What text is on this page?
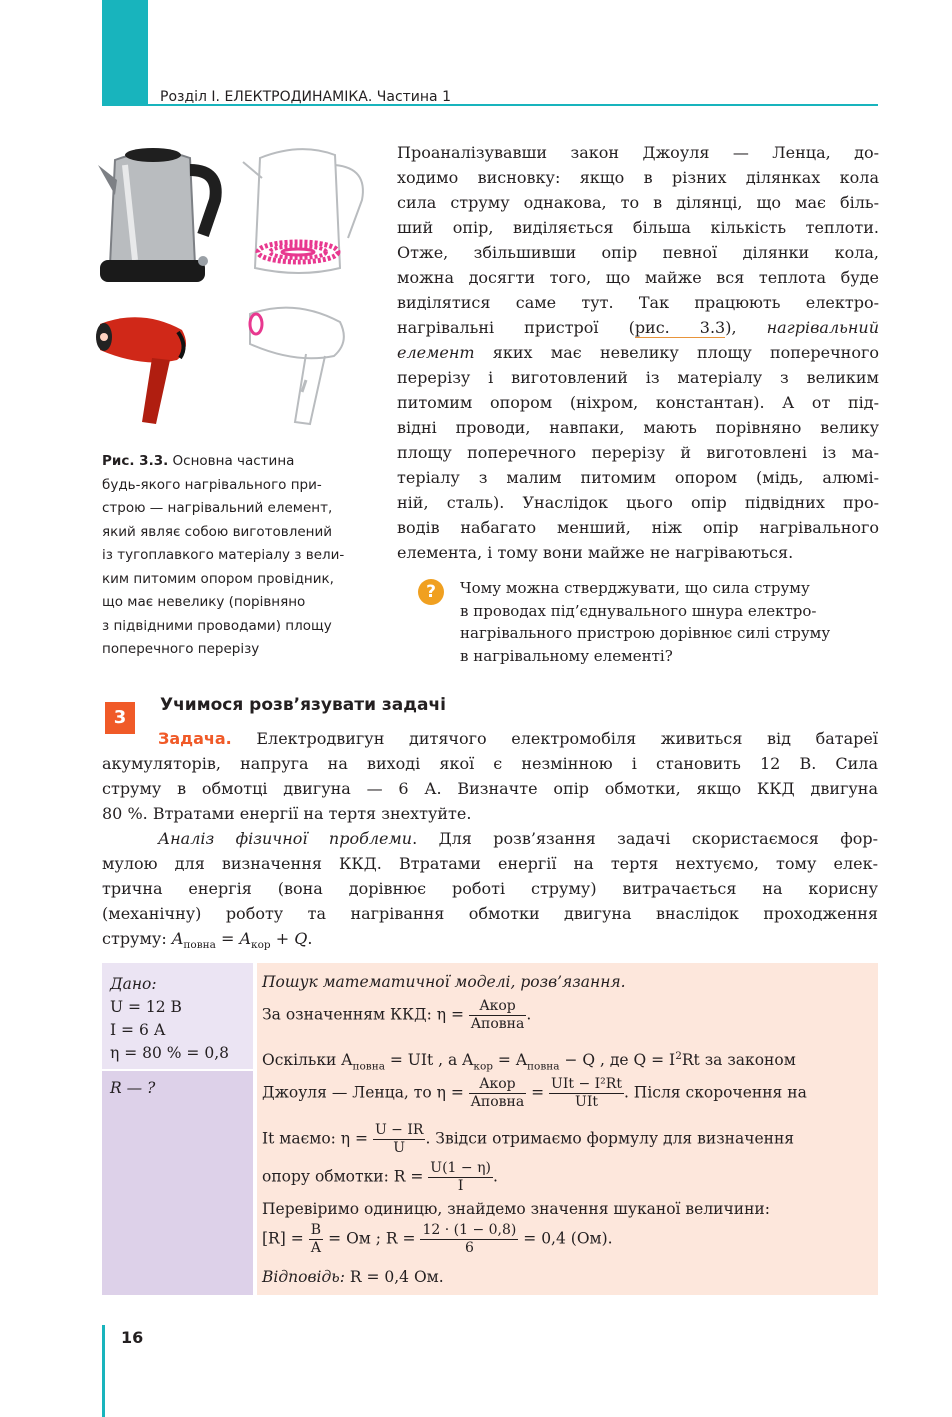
Розділ I. ЕЛЕКТРОДИНАМІКА. Частина 1
Рис. 3.3. Основна частина
будь-якого нагрівального при-
строю — нагрівальний елемент,
який являє собою виготовлений
із тугоплавкого матеріалу з вели-
ким питомим опором провідник,
що має невелику (порівняно
з підвідними проводами) площу
поперечного перерізу
Проаналізувавши закон Джоуля — Ленца, до-
ходимо висновку: якщо в різних ділянках кола
сила струму однакова, то в ділянці, що має біль-
ший опір, виділяється більша кількість теплоти.
Отже, збільшивши опір певної ділянки кола,
можна досягти того, що майже вся теплота буде
виділятися саме тут. Так працюють електро-
нагрівальні пристрої (рис. 3.3), нагрівальний
елемент яких має невелику площу поперечного
перерізу і виготовлений із матеріалу з великим
питомим опором (ніхром, константан). А от під-
відні проводи, навпаки, мають порівняно велику
площу поперечного перерізу й виготовлені із ма-
теріалу з малим питомим опором (мідь, алюмі-
ній, сталь). Унаслідок цього опір підвідних про-
водів набагато менший, ніж опір нагрівального
елемента, і тому вони майже не нагріваються.
?	Чому можна стверджувати, що сила струму
в проводах під’єднувального шнура електро-
нагрівального пристрою дорівнює силі струму
в нагрівальному елементі?
3
Учимося розв’язувати задачі
Задача. Електродвигун дитячого електромобіля живиться від батареї
акумуляторів, напруга на виході якої є незмінною і становить 12 В. Сила
струму в обмотці двигуна — 6 А. Визначте опір обмотки, якщо ККД двигуна
80 %. Втратами енергії на тертя знехтуйте.
Аналіз фізичної проблеми. Для розв’язання задачі скористаємося фор-
мулою для визначення ККД. Втратами енергії на тертя нехтуємо, тому елек-
трична енергія (вона дорівнює роботі струму) витрачається на корисну
(механічну) роботу та нагрівання обмотки двигуна внаслідок проходження
струму: $A_{повна} = A_{кор} + Q$.
Дано:
U = 12 В
I = 6 А
η = 80 % = 0,8
R — ?
Пошук математичної моделі, розв’язання.
За означенням ККД: $\eta = \frac{\text{Aкор}}{\text{Aповна}}$ .
Оскільки $A_{повна}$ = UIt , а $A_{кор} = A_{повна} - Q$ , де $Q = I^2Rt$ за законом
Джоуля — Ленца, то $\eta = \frac{\text{Aкор}}{\text{Aповна}} = \frac{\text{UIt − I²Rt}}{\text{UIt}}$ . Після скорочення на
It маємо: $\eta = \frac{U - IR}{U}$ . Звідси отримаємо формулу для визначення
опору обмотки: $R = \frac{U(1 - \eta)}{I}$ .
Перевіримо одиницю, знайдемо значення шуканої величини:
$[R] = \frac{В}{А}$ = Ом ; $R = \frac{12 \cdot (1 - 0,8)}{6} = 0,4$ (Ом).
Відповідь: R = 0,4 Ом.
16
